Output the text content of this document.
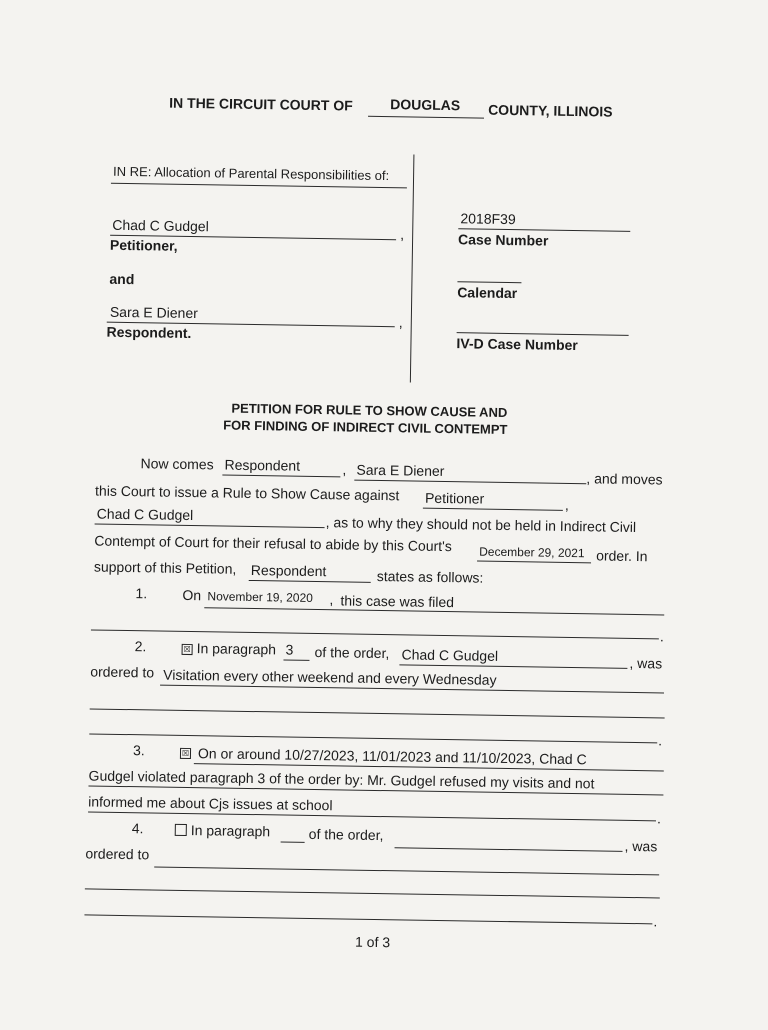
IN THE CIRCUIT COURT OF	DOUGLAS COUNTY, ILLINOIS
IN RE: Allocation of Parental Responsibilities of:
Chad C Gudgel
,
Petitioner,
and
Sara E Diener
,
Respondent.
2018F39
Case Number
Calendar
IV-D Case Number
PETITION FOR RULE TO SHOW CAUSE AND
FOR FINDING OF INDIRECT CIVIL CONTEMPT
Now comes Respondent	, Sara E Diener	, and moves
this Court to issue a Rule to Show Cause against Petitioner	,
Chad C Gudgel	, as to why they should not be held in Indirect Civil
Contempt of Court for their refusal to abide by this Court's December 29, 2021 order. In
support of this Petition, Respondent	states as follows:
1.	On November 19, 2020 , this case was filed
.
2.	☒ In paragraph 3 of the order, Chad C Gudgel	, was
ordered to Visitation every other weekend and every Wednesday
.
3.	☒ On or around 10/27/2023, 11/01/2023 and 11/10/2023, Chad C
Gudgel violated paragraph 3 of the order by: Mr. Gudgel refused my visits and not
informed me about Cjs issues at school
.
4.	In paragraph	of the order,
, was
ordered to
.
1 of 3
